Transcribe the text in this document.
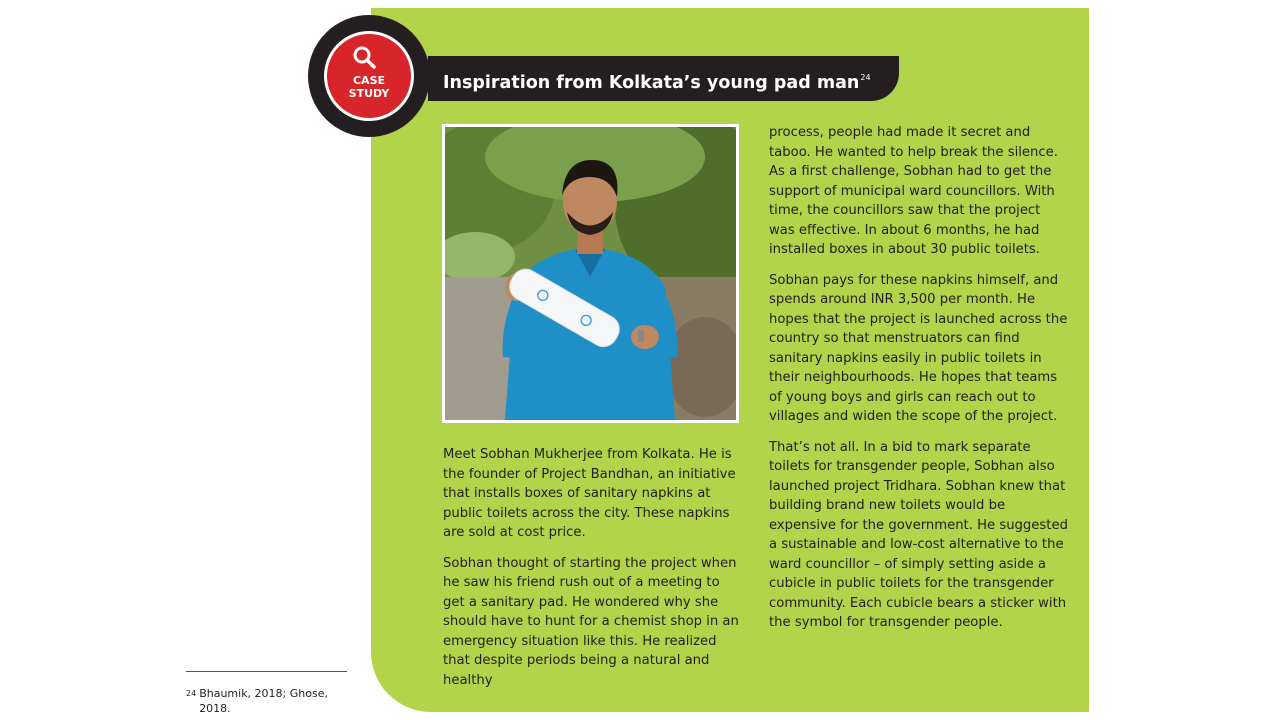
CASE
STUDY
Inspiration from Kolkata’s young pad man$^{24}$

Meet Sobhan Mukherjee from Kolkata. He is the founder of Project Bandhan, an initiative that installs boxes of sanitary napkins at public toilets across the city. These napkins are sold at cost price.

Sobhan thought of starting the project when he saw his friend rush out of a meeting to get a sanitary pad. He wondered why she should have to hunt for a chemist shop in an emergency situation like this. He realized that despite periods being a natural and healthy

process, people had made it secret and taboo. He wanted to help break the silence. As a first challenge, Sobhan had to get the support of municipal ward councillors. With time, the councillors saw that the project was effective. In about 6 months, he had installed boxes in about 30 public toilets.

Sobhan pays for these napkins himself, and spends around INR 3,500 per month. He hopes that the project is launched across the country so that menstruators can find sanitary napkins easily in public toilets in their neighbourhoods. He hopes that teams of young boys and girls can reach out to villages and widen the scope of the project.

That’s not all. In a bid to mark separate toilets for transgender people, Sobhan also launched project Tridhara. Sobhan knew that building brand new toilets would be expensive for the government. He suggested a sustainable and low-cost alternative to the ward councillor – of simply setting aside a cubicle in public toilets for the transgender community. Each cubicle bears a sticker with the symbol for transgender people.

$^{24}$ Bhaumik, 2018; Ghose, 2018.
